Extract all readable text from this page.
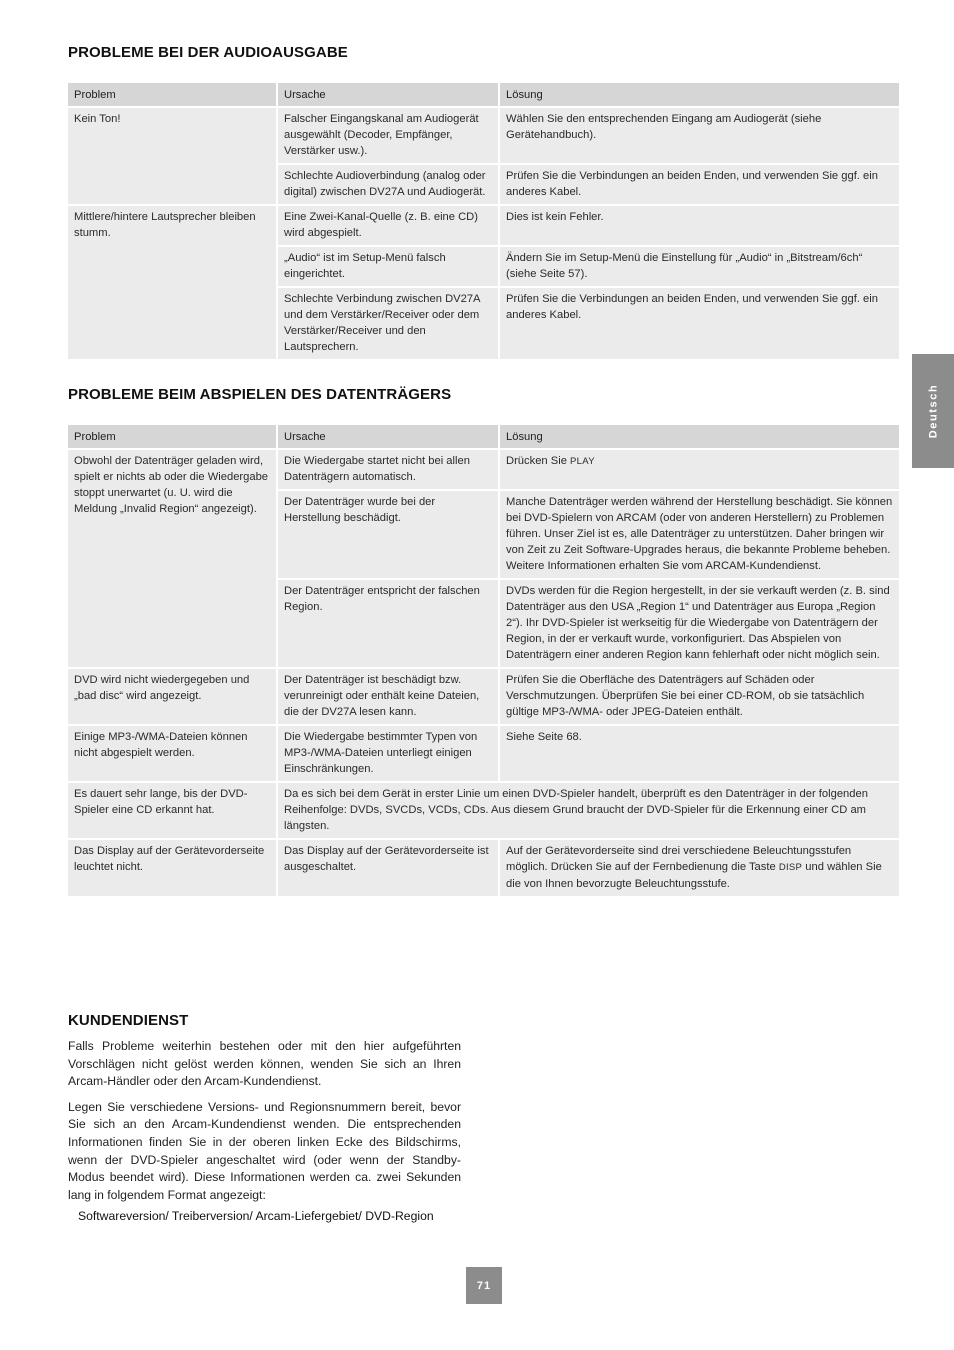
PROBLEME BEI DER AUDIOAUSGABE
Problem	Ursache	Lösung
Kein Ton!	Falscher Eingangskanal am Audiogerät ausgewählt (Decoder, Empfänger, Verstärker usw.).	Wählen Sie den entsprechenden Eingang am Audiogerät (siehe Gerätehandbuch).
	Schlechte Audioverbindung (analog oder digital) zwischen DV27A und Audiogerät.	Prüfen Sie die Verbindungen an beiden Enden, und verwenden Sie ggf. ein anderes Kabel.
Mittlere/hintere Lautsprecher bleiben stumm.	Eine Zwei-Kanal-Quelle (z. B. eine CD) wird abgespielt.	Dies ist kein Fehler.
	„Audio“ ist im Setup-Menü falsch eingerichtet.	Ändern Sie im Setup-Menü die Einstellung für „Audio“ in „Bitstream/6ch“ (siehe Seite 57).
	Schlechte Verbindung zwischen DV27A und dem Verstärker/Receiver oder dem Verstärker/Receiver und den Lautsprechern.	Prüfen Sie die Verbindungen an beiden Enden, und verwenden Sie ggf. ein anderes Kabel.
Deutsch
PROBLEME BEIM ABSPIELEN DES DATENTRÄGERS
Problem	Ursache	Lösung
Obwohl der Datenträger geladen wird, spielt er nichts ab oder die Wiedergabe stoppt unerwartet (u. U. wird die Meldung „Invalid Region“ angezeigt).	Die Wiedergabe startet nicht bei allen Datenträgern automatisch.	Drücken Sie PLAY
	Der Datenträger wurde bei der Herstellung beschädigt.	Manche Datenträger werden während der Herstellung beschädigt. Sie können bei DVD-Spielern von ARCAM (oder von anderen Herstellern) zu Problemen führen. Unser Ziel ist es, alle Datenträger zu unterstützen. Daher bringen wir von Zeit zu Zeit Software-Upgrades heraus, die bekannte Probleme beheben. Weitere Informationen erhalten Sie vom ARCAM-Kundendienst.
	Der Datenträger entspricht der falschen Region.	DVDs werden für die Region hergestellt, in der sie verkauft werden (z. B. sind Datenträger aus den USA „Region 1“ und Datenträger aus Europa „Region 2“). Ihr DVD-Spieler ist werkseitig für die Wiedergabe von Datenträgern der Region, in der er verkauft wurde, vorkonfiguriert. Das Abspielen von Datenträgern einer anderen Region kann fehlerhaft oder nicht möglich sein.
DVD wird nicht wiedergegeben und „bad disc“ wird angezeigt.	Der Datenträger ist beschädigt bzw. verunreinigt oder enthält keine Dateien, die der DV27A lesen kann.	Prüfen Sie die Oberfläche des Datenträgers auf Schäden oder Verschmutzungen. Überprüfen Sie bei einer CD-ROM, ob sie tatsächlich gültige MP3-/WMA- oder JPEG-Dateien enthält.
Einige MP3-/WMA-Dateien können nicht abgespielt werden.	Die Wiedergabe bestimmter Typen von MP3-/WMA-Dateien unterliegt einigen Einschränkungen.	Siehe Seite 68.
Es dauert sehr lange, bis der DVD-Spieler eine CD erkannt hat.	Da es sich bei dem Gerät in erster Linie um einen DVD-Spieler handelt, überprüft es den Datenträger in der folgenden Reihenfolge: DVDs, SVCDs, VCDs, CDs. Aus diesem Grund braucht der DVD-Spieler für die Erkennung einer CD am längsten.	
Das Display auf der Gerätevorderseite leuchtet nicht.	Das Display auf der Gerätevorderseite ist ausgeschaltet.	Auf der Gerätevorderseite sind drei verschiedene Beleuchtungsstufen möglich. Drücken Sie auf der Fernbedienung die Taste DISP und wählen Sie die von Ihnen bevorzugte Beleuchtungsstufe.
KUNDENDIENST

Falls Probleme weiterhin bestehen oder mit den hier aufgeführten Vorschlägen nicht gelöst werden können, wenden Sie sich an Ihren Arcam-Händler oder den Arcam-Kundendienst.

Legen Sie verschiedene Versions- und Regionsnummern bereit, bevor Sie sich an den Arcam-Kundendienst wenden. Die entsprechenden Informationen finden Sie in der oberen linken Ecke des Bildschirms, wenn der DVD-Spieler angeschaltet wird (oder wenn der Standby-Modus beendet wird). Diese Informationen werden ca. zwei Sekunden lang in folgendem Format angezeigt:

Softwareversion/ Treiberversion/ Arcam-Liefergebiet/ DVD-Region
71
